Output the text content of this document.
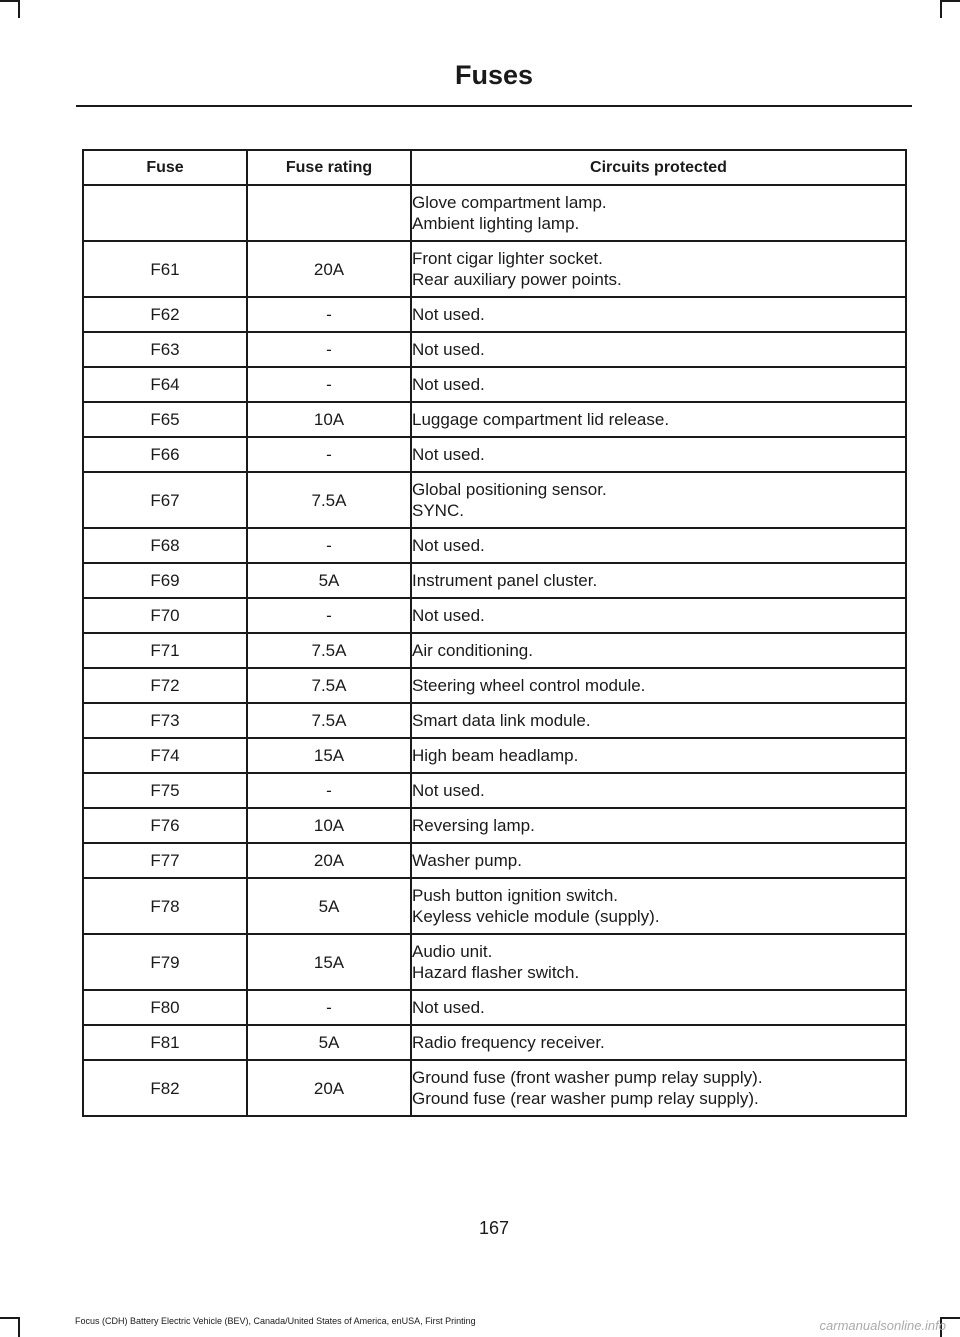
Fuses
Fuse	Fuse rating	Circuits protected

		Glove compartment lamp.
Ambient lighting lamp.

F61	20A	Front cigar lighter socket.
Rear auxiliary power points.

F62	-	Not used.

F63	-	Not used.

F64	-	Not used.

F65	10A	Luggage compartment lid release.

F66	-	Not used.

F67	7.5A	Global positioning sensor.
SYNC.

F68	-	Not used.

F69	5A	Instrument panel cluster.

F70	-	Not used.

F71	7.5A	Air conditioning.

F72	7.5A	Steering wheel control module.

F73	7.5A	Smart data link module.

F74	15A	High beam headlamp.

F75	-	Not used.

F76	10A	Reversing lamp.

F77	20A	Washer pump.

F78	5A	Push button ignition switch.
Keyless vehicle module (supply).

F79	15A	Audio unit.
Hazard flasher switch.

F80	-	Not used.

F81	5A	Radio frequency receiver.

F82	20A	Ground fuse (front washer pump relay supply).
Ground fuse (rear washer pump relay supply).
167
Focus (CDH) Battery Electric Vehicle (BEV), Canada/United States of America, enUSA, First Printing	carmanualsonline.info
